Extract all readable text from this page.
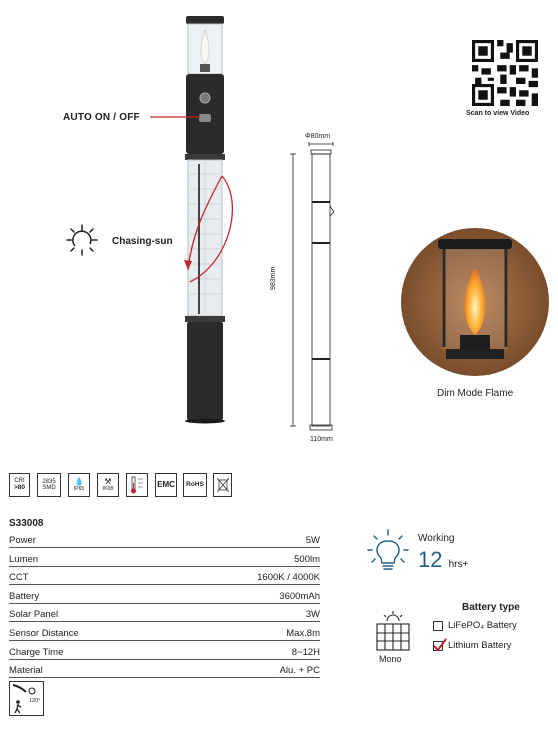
AUTO ON / OFF
Chasing-sun
Scan to view Video
Φ80mm
983mm
110mm
Dim Mode Flame
CRI
>80
2835
SMD
💧
IP65
⚒
IK08	EMC RoHS
S33008
Power	5W
Lumen	500lm
CCT	1600K / 4000K
Battery	3600mAh
Solar Panel	3W
Sensor Distance	Max.8m
Charge Time	8~12H
Material	Alu. + PC
120°
Working
12 hrs+
Battery type
LiFePO₄ Battery
Lithium Battery
Mono
